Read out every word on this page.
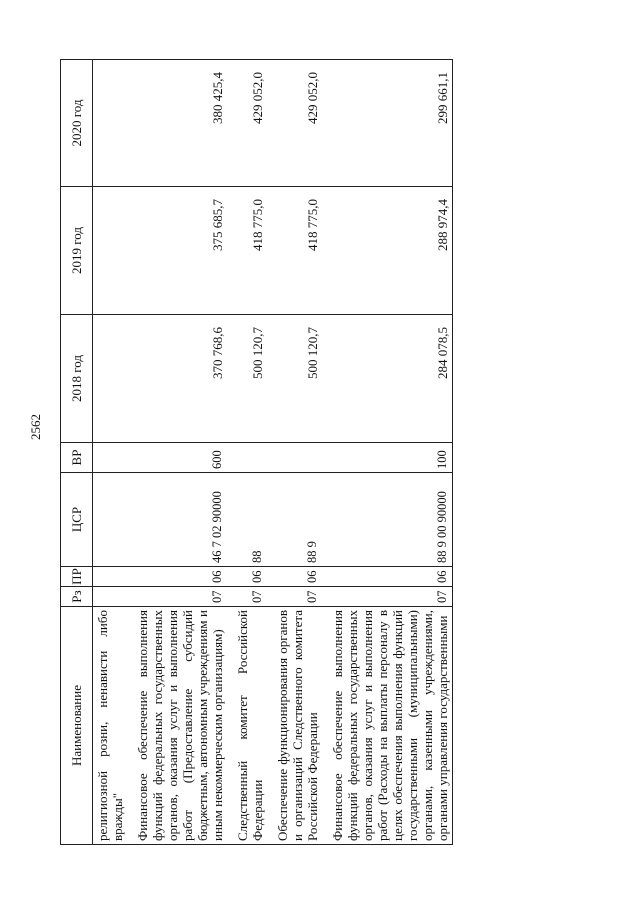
2562
Наименование	Рз	ПР	ЦСР	ВР	2018 год	2019 год	2020 год
религиозной розни, ненависти либо вражды"							

Финансовое обеспечение выполнения функций федеральных государственных органов, оказания услуг и выполнения работ (Предоставление субсидий бюджетным, автономным учреждениям и иным некоммерческим организациям)	07	06	46 7 02 90000	600	370 768,6	375 685,7	380 425,4

Следственный комитет Российской Федерации	07	06	88		500 120,7	418 775,0	429 052,0

Обеспечение функционирования органов и организаций Следственного комитета Российской Федерации	07	06	88 9		500 120,7	418 775,0	429 052,0

Финансовое обеспечение выполнения функций федеральных государственных органов, оказания услуг и выполнения работ (Расходы на выплаты персоналу в целях обеспечения выполнения функций государственными (муниципальными) органами, казенными учреждениями, органами управления государственными	07	06	88 9 00 90000	100	284 078,5	288 974,4	299 661,1
